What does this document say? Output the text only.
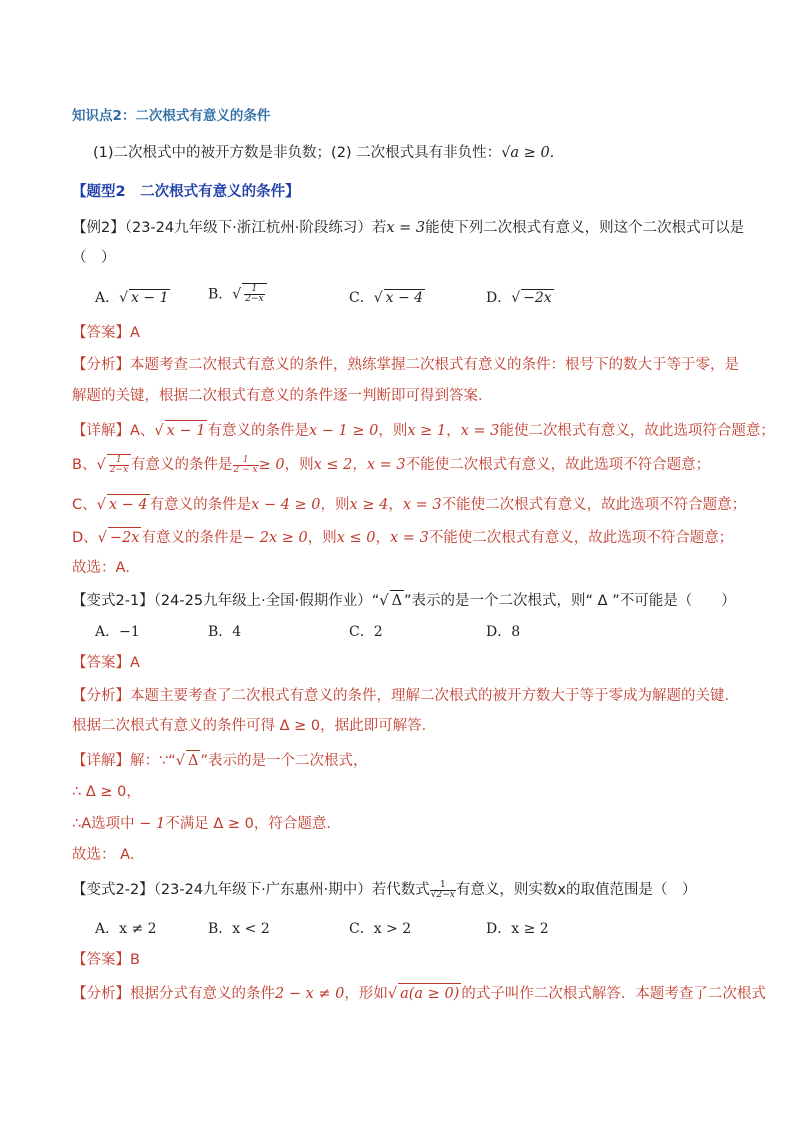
知识点2：二次根式有意义的条件
(1)二次根式中的被开方数是非负数；(2) 二次根式具有非负性：√a ≥ 0.
【题型2　二次根式有意义的条件】
【例2】（23-24九年级下·浙江杭州·阶段练习）若x = 3能使下列二次根式有意义，则这个二次根式可以是
（　）
A．√ x − 1	B．√ $\frac{1}{2-x}$	C．√ x − 4	D．√ −2x
【答案】A
【分析】本题考查二次根式有意义的条件，熟练掌握二次根式有意义的条件：根号下的数大于等于零，是
解题的关键，根据二次根式有意义的条件逐一判断即可得到答案．
【详解】A、√ x − 1 有意义的条件是x − 1 ≥ 0，则x ≥ 1，x = 3能使二次根式有意义，故此选项符合题意；
B、√ $\frac{1}{2-x}$ 有意义的条件是 $\frac{1}{2 - x} \ge 0$，则x ≤ 2，x = 3不能使二次根式有意义，故此选项不符合题意；
C、√ x − 4 有意义的条件是x − 4 ≥ 0，则x ≥ 4，x = 3不能使二次根式有意义，故此选项不符合题意；
D、√ −2x 有意义的条件是− 2x ≥ 0，则x ≤ 0，x = 3不能使二次根式有意义，故此选项不符合题意；
故选：A．
【变式2-1】（24-25九年级上·全国·假期作业）“√ Δ ”表示的是一个二次根式，则“ Δ ”不可能是（　　）
A．−1	B．4	C．2	D．8
【答案】A
【分析】本题主要考查了二次根式有意义的条件，理解二次根式的被开方数大于等于零成为解题的关键．
根据二次根式有意义的条件可得 Δ ≥ 0，据此即可解答．
【详解】解：∵“√ Δ ”表示的是一个二次根式，
∴ Δ ≥ 0，
∴A选项中 − 1不满足 Δ ≥ 0，符合题意．
故选： A．
【变式2-2】（23-24九年级下·广东惠州·期中）若代数式 $\frac{1}{√2-x}$ 有意义，则实数x的取值范围是（　）
A．x ≠ 2	B．x < 2	C．x > 2	D．x ≥ 2
【答案】B
【分析】根据分式有意义的条件2 − x ≠ 0，形如√ a(a ≥ 0) 的式子叫作二次根式解答．本题考查了二次根式
